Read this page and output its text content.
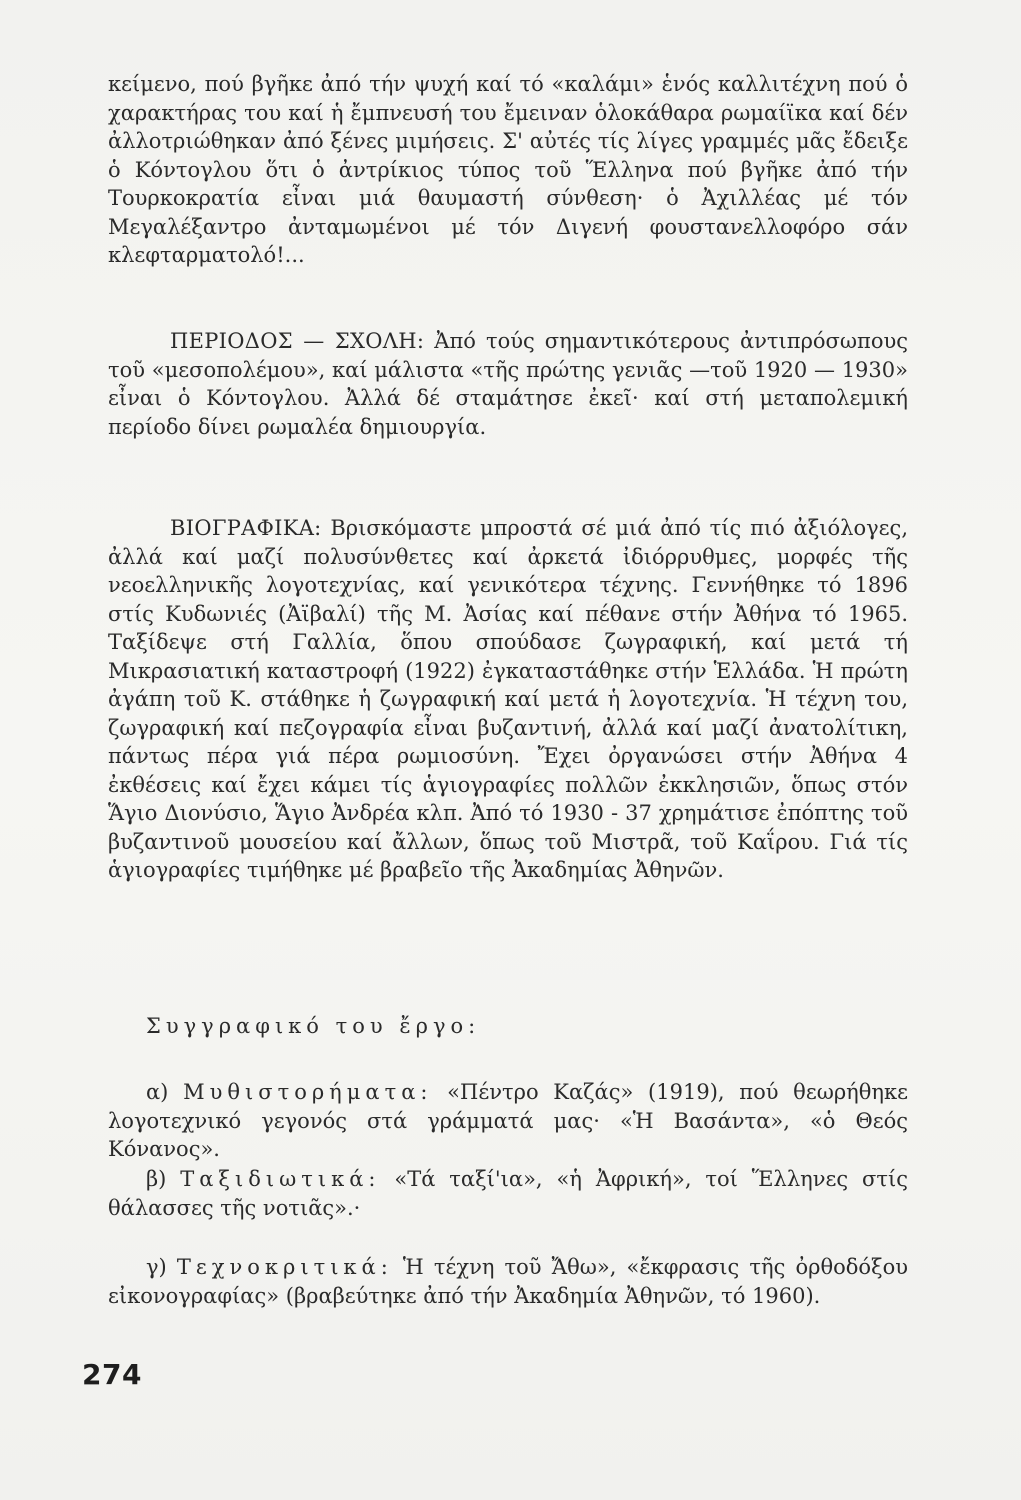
κείμενο, πού βγῆκε ἀπό τήν ψυχή καί τό «καλάμι» ἑνός καλλιτέχνη πού ὁ χαρακτήρας του καί ἡ ἔμπνευσή του ἔμειναν ὁλοκάθαρα ρωμαίϊκα καί δέν ἀλλοτριώθηκαν ἀπό ξένες μιμήσεις. Σ' αὐτές τίς λίγες γραμμές μᾶς ἔδειξε ὁ Κόντογλου ὅτι ὁ ἀντρίκιος τύπος τοῦ Ἕλληνα πού βγῆκε ἀπό τήν Τουρκοκρατία εἶναι μιά θαυμαστή σύνθεση· ὁ Ἀχιλλέας μέ τόν Μεγαλέξαντρο ἀνταμωμένοι μέ τόν Διγενή φουστανελλοφόρο σάν κλεφταρματολό!...

ΠΕΡΙΟΔΟΣ — ΣΧΟΛΗ: Ἀπό τούς σημαντικότερους ἀντιπρόσωπους τοῦ «μεσοπολέμου», καί μάλιστα «τῆς πρώτης γενιᾶς —τοῦ 1920 — 1930» εἶναι ὁ Κόντογλου. Ἀλλά δέ σταμάτησε ἐκεῖ· καί στή μεταπολεμική περίοδο δίνει ρωμαλέα δημιουργία.

ΒΙΟΓΡΑΦΙΚΑ: Βρισκόμαστε μπροστά σέ μιά ἀπό τίς πιό ἀξιόλογες, ἀλλά καί μαζί πολυσύνθετες καί ἀρκετά ἰδιόρρυθμες, μορφές τῆς νεοελληνικῆς λογοτεχνίας, καί γενικότερα τέχνης. Γεννήθηκε τό 1896 στίς Κυδωνιές (Ἀϊβαλί) τῆς Μ. Ἀσίας καί πέθανε στήν Ἀθήνα τό 1965. Ταξίδεψε στή Γαλλία, ὅπου σπούδασε ζωγραφική, καί μετά τή Μικρασιατική καταστροφή (1922) ἐγκαταστάθηκε στήν Ἑλλάδα. Ἡ πρώτη ἀγάπη τοῦ Κ. στάθηκε ἡ ζωγραφική καί μετά ἡ λογοτεχνία. Ἡ τέχνη του, ζωγραφική καί πεζογραφία εἶναι βυζαντινή, ἀλλά καί μαζί ἀνατολίτικη, πάντως πέρα γιά πέρα ρωμιοσύνη. Ἔχει ὀργανώσει στήν Ἀθήνα 4 ἐκθέσεις καί ἔχει κάμει τίς ἁγιογραφίες πολλῶν ἐκκλησιῶν, ὅπως στόν Ἅγιο Διονύσιο, Ἅγιο Ἀνδρέα κλπ. Ἀπό τό 1930 - 37 χρημάτισε ἐπόπτης τοῦ βυζαντινοῦ μουσείου καί ἄλλων, ὅπως τοῦ Μιστρᾶ, τοῦ Καΐρου. Γιά τίς ἁγιογραφίες τιμήθηκε μέ βραβεῖο τῆς Ἀκαδημίας Ἀθηνῶν.

Συγγραφικό του ἔργο:

α) Μυθιστορήματα: «Πέντρο Καζάς» (1919), πού θεωρήθηκε λογοτεχνικό γεγονός στά γράμματά μας· «Ἡ Βασάντα», «ὁ Θεός Κόνανος».

β) Ταξιδιωτικά: «Τά ταξί'ια», «ἡ Ἀφρική», τοί Ἕλληνες στίς θάλασσες τῆς νοτιᾶς».·

γ) Τεχνοκριτικά: Ἡ τέχνη τοῦ Ἄθω», «ἔκφρασις τῆς ὀρθοδόξου εἰκονογραφίας» (βραβεύτηκε ἀπό τήν Ἀκαδημία Ἀθηνῶν, τό 1960).

274
